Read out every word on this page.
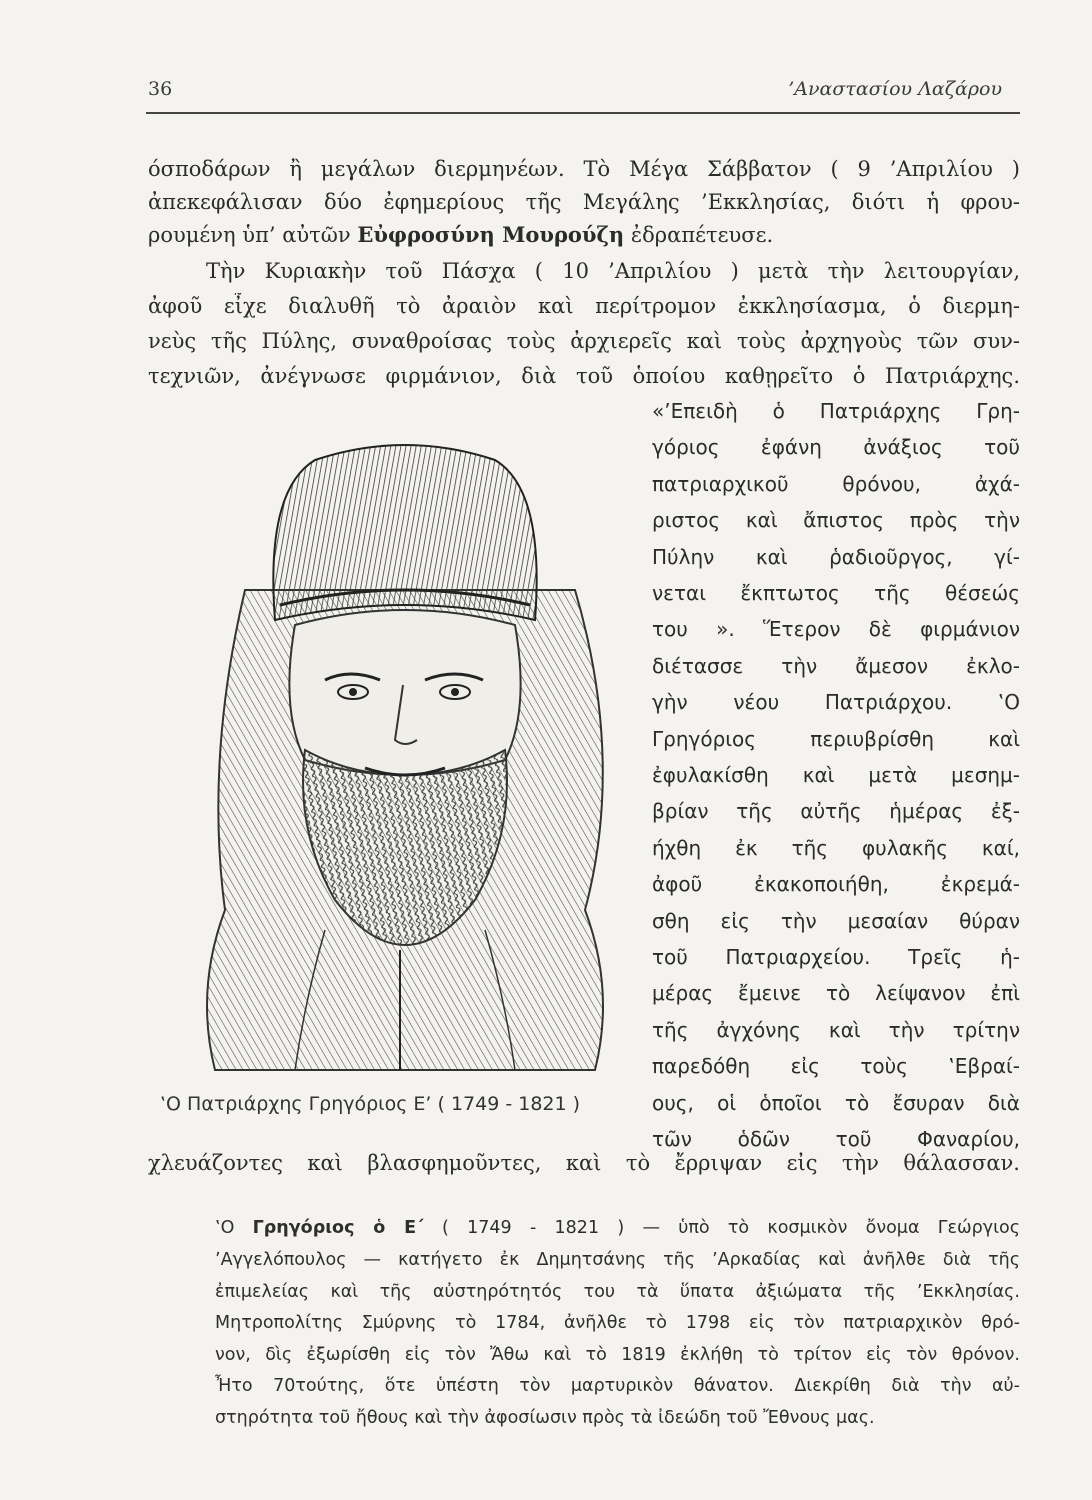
36	’Αναστασίου Λαζάρου
όσποδάρων ἢ μεγάλων διερμηνέων. Τὸ Μέγα Σάββατον ( 9 ’Απριλίου )
ἀπεκεφάλισαν δύο ἐφημερίους τῆς Μεγάλης ’Εκκλησίας, διότι ἡ φρου-
ρουμένη ὑπ’ αὐτῶν Εὐφροσύνη Μουρούζη ἐδραπέτευσε.
Τὴν Κυριακὴν τοῦ Πάσχα ( 10 ’Απριλίου ) μετὰ τὴν λειτουργίαν,
ἀφοῦ εἶχε διαλυθῆ τὸ ἀραιὸν καὶ περίτρομον ἐκκλησίασμα, ὁ διερμη-
νεὺς τῆς Πύλης, συναθροίσας τοὺς ἀρχιερεῖς καὶ τοὺς ἀρχηγοὺς τῶν συν-
τεχνιῶν, ἀνέγνωσε φιρμάνιον, διὰ τοῦ ὁποίου καθῃρεῖτο ὁ Πατριάρχης.
«’Επειδὴ ὁ Πατριάρχης Γρη-
γόριος ἐφάνη ἀνάξιος τοῦ
πατριαρχικοῦ θρόνου, ἀχά-
ριστος καὶ ἄπιστος πρὸς τὴν
Πύλην καὶ ῥαδιοῦργος, γί-
νεται ἔκπτωτος τῆς θέσεώς
του ». Ἕτερον δὲ φιρμάνιον
διέτασσε τὴν ἄμεσον ἐκλο-
γὴν νέου Πατριάρχου. ‛Ο
Γρηγόριος περιυβρίσθη καὶ
ἐφυλακίσθη καὶ μετὰ μεσημ-
βρίαν τῆς αὐτῆς ἡμέρας ἐξ-
ήχθη ἐκ τῆς φυλακῆς καί,
ἀφοῦ ἐκακοποιήθη, ἐκρεμά-
σθη εἰς τὴν μεσαίαν θύραν
τοῦ Πατριαρχείου. Τρεῖς ἡ-
μέρας ἔμεινε τὸ λείψανον ἐπὶ
τῆς ἀγχόνης καὶ τὴν τρίτην
παρεδόθη εἰς τοὺς ‛Εβραί-
ους, οἱ ὁποῖοι τὸ ἔσυραν διὰ
τῶν ὁδῶν τοῦ Φαναρίου,
χλευάζοντες καὶ βλασφημοῦντες, καὶ τὸ ἔρριψαν εἰς τὴν θάλασσαν.
‛Ο Πατριάρχης Γρηγόριος Ε’ ( 1749 - 1821 )
‛Ο Γρηγόριος ὁ Ε΄ ( 1749 - 1821 ) — ὑπὸ τὸ κοσμικὸν ὄνομα Γεώργιος
’Αγγελόπουλος — κατήγετο ἐκ Δημητσάνης τῆς ’Αρκαδίας καὶ ἀνῆλθε διὰ τῆς
ἐπιμελείας καὶ τῆς αὐστηρότητός του τὰ ὕπατα ἀξιώματα τῆς ’Εκκλησίας.
Μητροπολίτης Σμύρνης τὸ 1784, ἀνῆλθε τὸ 1798 εἰς τὸν πατριαρχικὸν θρό-
νον, δὶς ἐξωρίσθη εἰς τὸν Ἄθω καὶ τὸ 1819 ἐκλήθη τὸ τρίτον εἰς τὸν θρόνον.
Ἦτο 70τούτης, ὅτε ὑπέστη τὸν μαρτυρικὸν θάνατον. Διεκρίθη διὰ τὴν αὐ-
στηρότητα τοῦ ἤθους καὶ τὴν ἀφοσίωσιν πρὸς τὰ ἰδεώδη τοῦ Ἔθνους μας.
